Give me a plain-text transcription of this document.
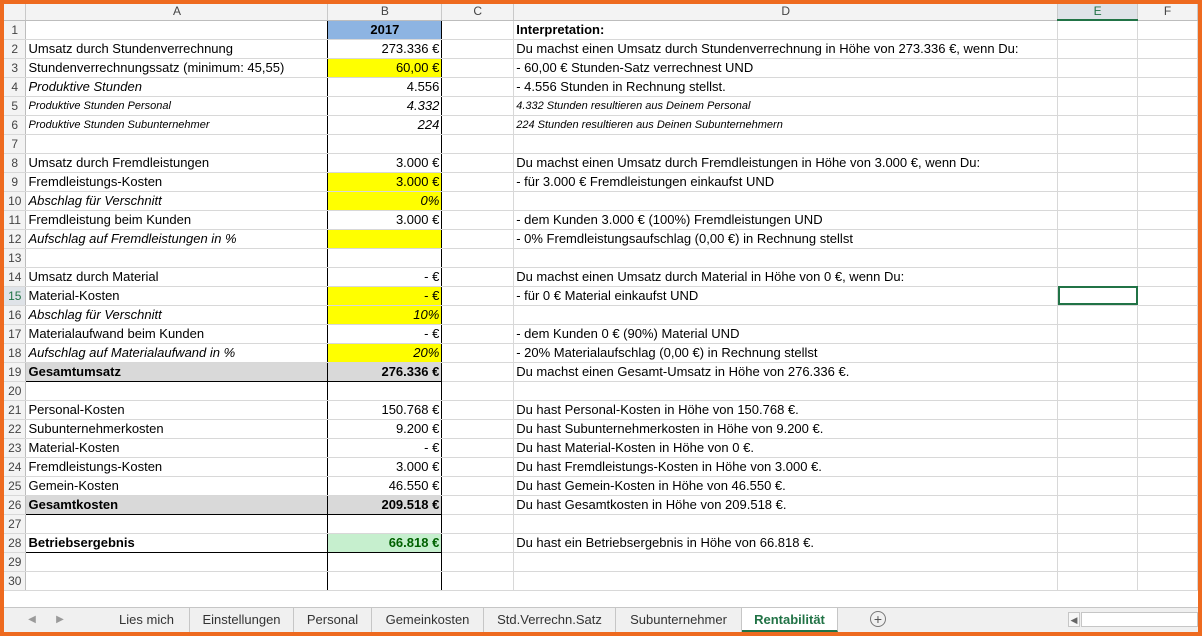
	A	B	C	D	E	F
1		2017		Interpretation:		
2	Umsatz durch Stundenverrechnung	273.336 €		Du machst einen Umsatz durch Stundenverrechnung in Höhe von 273.336 €, wenn Du:		
3	Stundenverrechnungssatz (minimum: 45,55)	60,00 €		- 60,00 € Stunden-Satz verrechnest UND		
4	Produktive Stunden	4.556		- 4.556 Stunden in Rechnung stellst.		
5	Produktive Stunden Personal	4.332		4.332 Stunden resultieren aus Deinem Personal		
6	Produktive Stunden Subunternehmer	224		224 Stunden resultieren aus Deinen Subunternehmern		
7						
8	Umsatz durch Fremdleistungen	3.000 €		Du machst einen Umsatz durch Fremdleistungen in Höhe von 3.000 €, wenn Du:		
9	Fremdleistungs-Kosten	3.000 €		- für 3.000 € Fremdleistungen einkaufst UND		
10	Abschlag für Verschnitt	0%				
11	Fremdleistung beim Kunden	3.000 €		- dem Kunden 3.000 € (100%) Fremdleistungen UND		
12	Aufschlag auf Fremdleistungen in %			- 0% Fremdleistungsaufschlag (0,00 €) in Rechnung stellst		
13						
14	Umsatz durch Material	- €		Du machst einen Umsatz durch Material in Höhe von 0 €, wenn Du:		
15	Material-Kosten	- €		- für 0 € Material einkaufst UND		
16	Abschlag für Verschnitt	10%				
17	Materialaufwand beim Kunden	- €		- dem Kunden 0 € (90%) Material UND		
18	Aufschlag auf Materialaufwand in %	20%		- 20% Materialaufschlag (0,00 €) in Rechnung stellst		
19	Gesamtumsatz	276.336 €		Du machst einen Gesamt-Umsatz in Höhe von 276.336 €.		
20						
21	Personal-Kosten	150.768 €		Du hast Personal-Kosten in Höhe von 150.768 €.		
22	Subunternehmerkosten	9.200 €		Du hast Subunternehmerkosten in Höhe von 9.200 €.		
23	Material-Kosten	- €		Du hast Material-Kosten in Höhe von 0 €.		
24	Fremdleistungs-Kosten	3.000 €		Du hast Fremdleistungs-Kosten in Höhe von 3.000 €.		
25	Gemein-Kosten	46.550 €		Du hast Gemein-Kosten in Höhe von 46.550 €.		
26	Gesamtkosten	209.518 €		Du hast Gesamtkosten in Höhe von 209.518 €.		
27						
28	Betriebsergebnis	66.818 €		Du hast ein Betriebsergebnis in Höhe von 66.818 €.		
29						
30						
◀ ▶	Lies mich	Einstellungen	Personal	Gemeinkosten	Std.Verrechn.Satz	Subunternehmer	Rentabilität	+	◀
